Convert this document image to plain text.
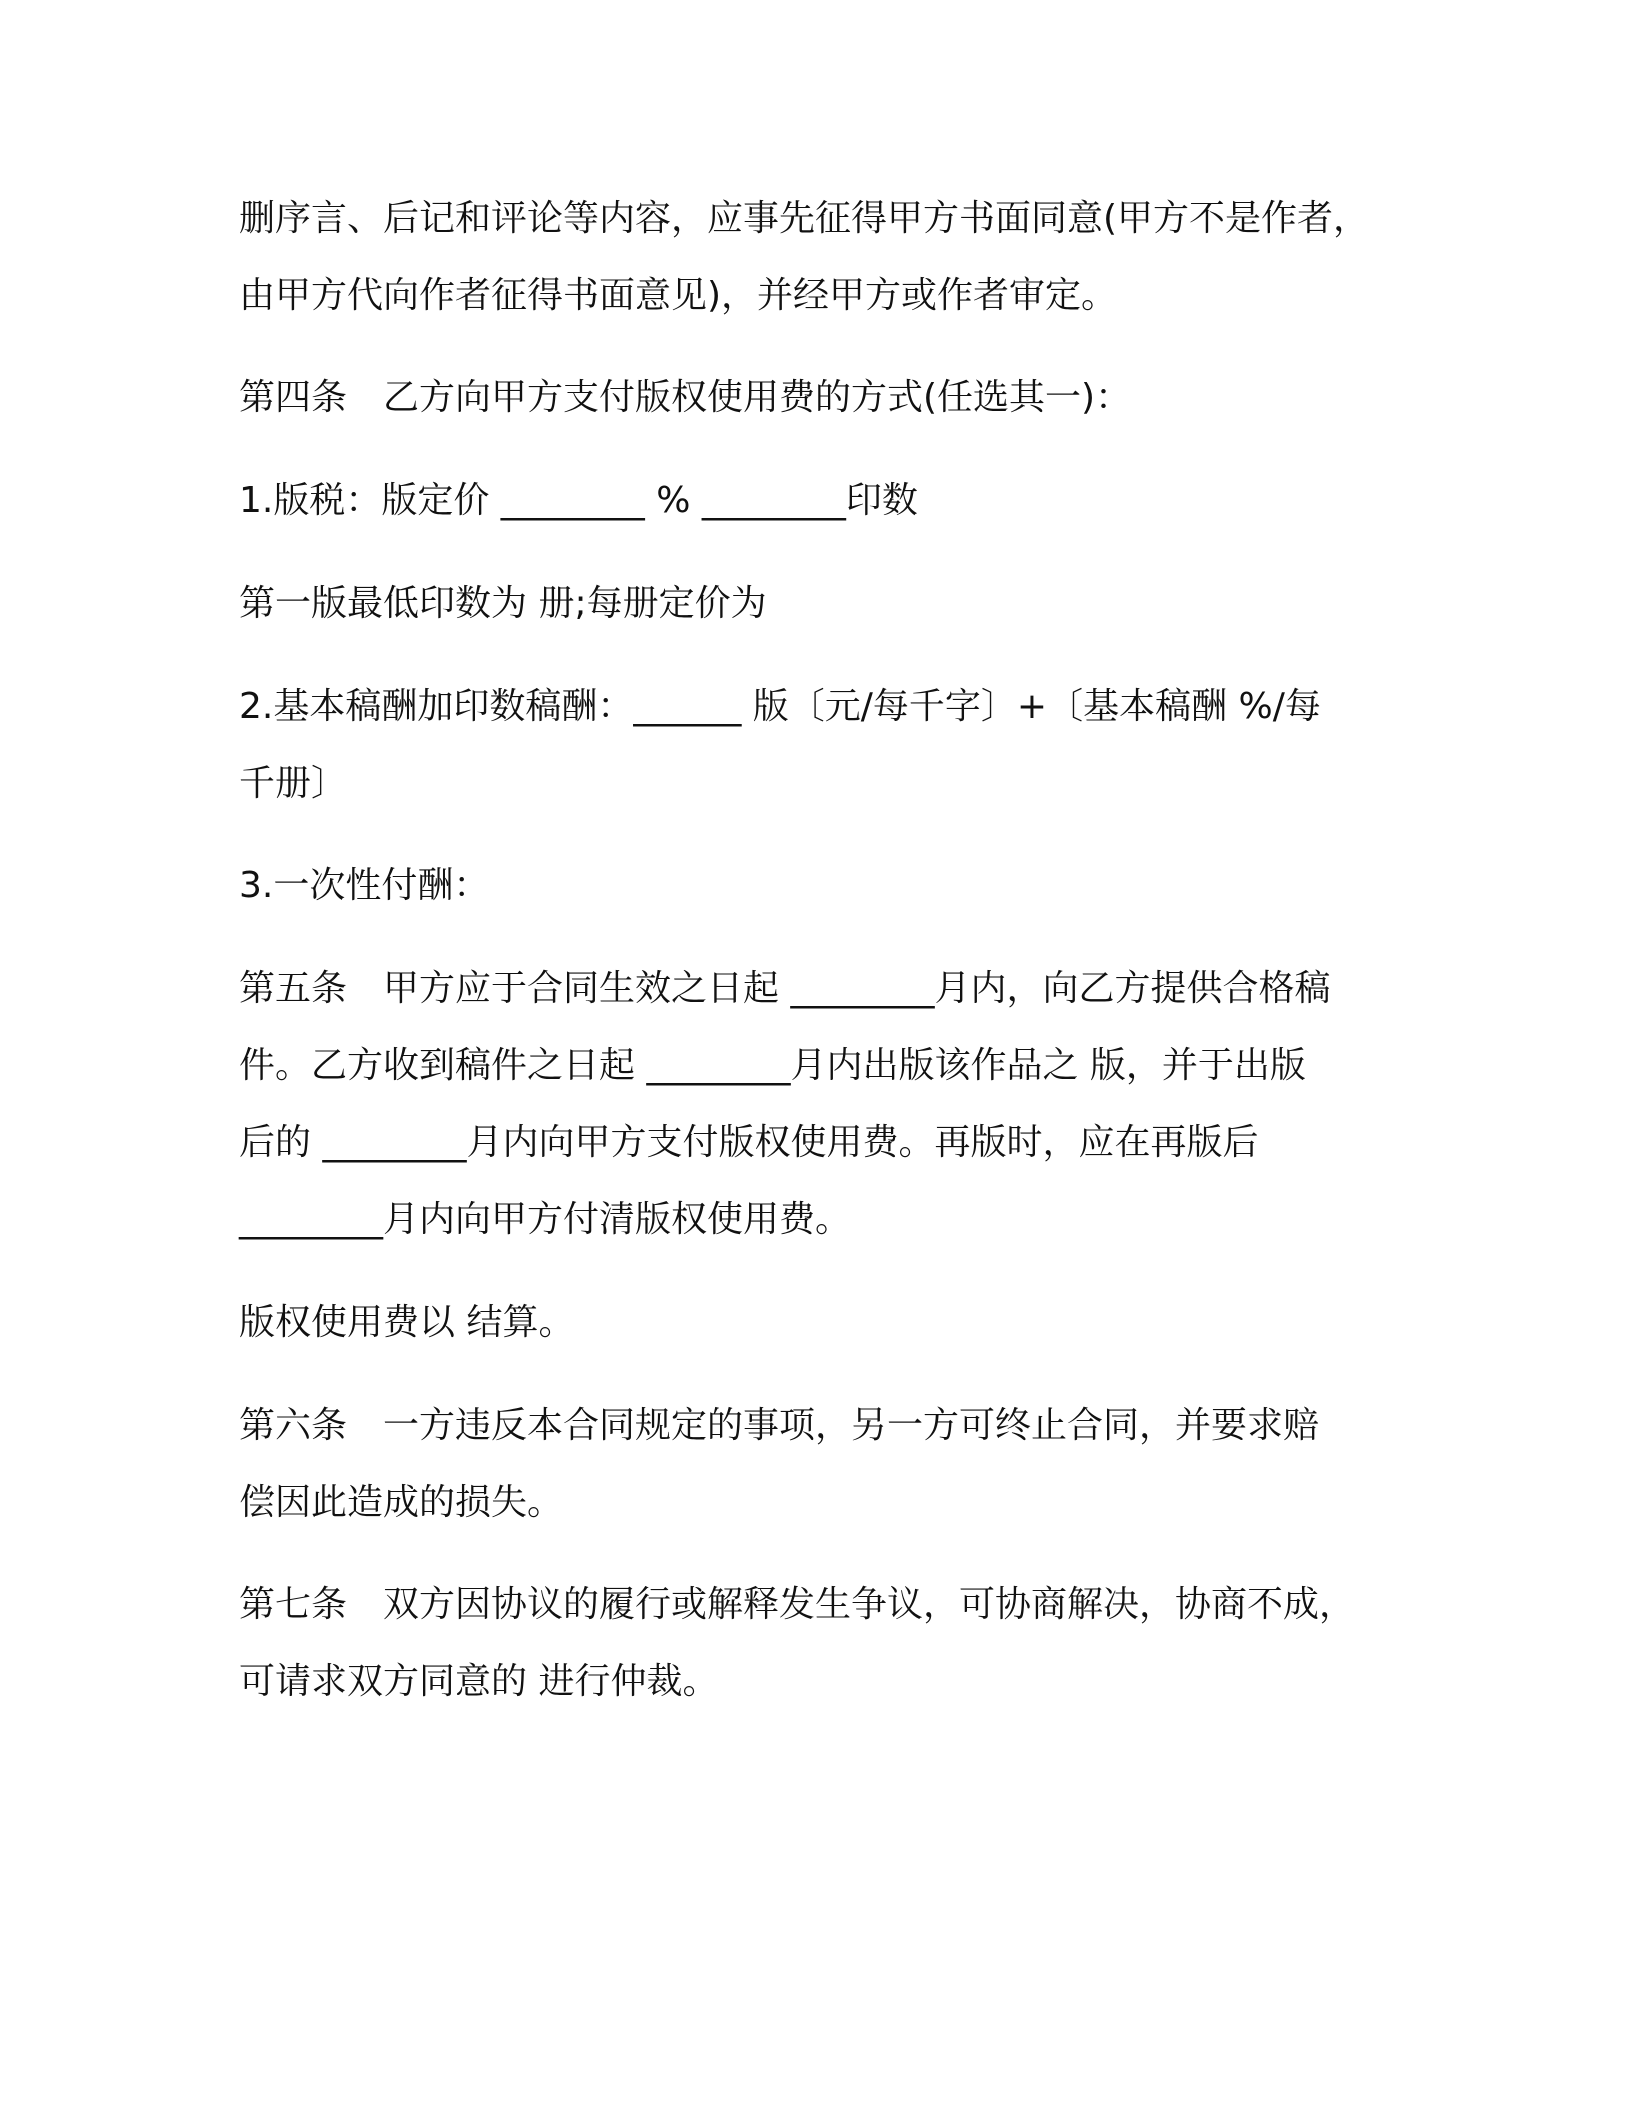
删序言、后记和评论等内容，应事先征得甲方书面同意(甲方不是作者，
由甲方代向作者征得书面意见)，并经甲方或作者审定。

第四条　乙方向甲方支付版权使用费的方式(任选其一)：

1.版税：版定价 ________ % ________印数

第一版最低印数为 册;每册定价为

2.基本稿酬加印数稿酬：______ 版〔元/每千字〕+〔基本稿酬 %/每
千册〕

3.一次性付酬：

第五条　甲方应于合同生效之日起 ________月内，向乙方提供合格稿
件。乙方收到稿件之日起 ________月内出版该作品之 版，并于出版
后的 ________月内向甲方支付版权使用费。再版时，应在再版后
________月内向甲方付清版权使用费。

版权使用费以 结算。

第六条　一方违反本合同规定的事项，另一方可终止合同，并要求赔
偿因此造成的损失。

第七条　双方因协议的履行或解释发生争议，可协商解决，协商不成，
可请求双方同意的 进行仲裁。
